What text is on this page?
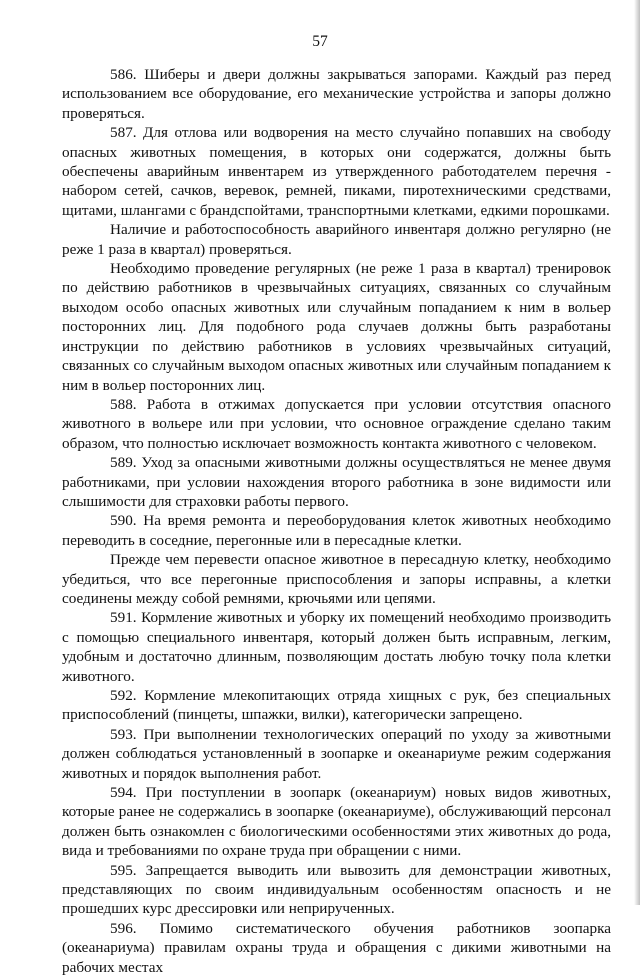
57

586. Шиберы и двери должны закрываться запорами. Каждый раз перед использованием все оборудование, его механические устройства и запоры должно проверяться.

587. Для отлова или водворения на место случайно попавших на свободу опасных животных помещения, в которых они содержатся, должны быть обеспечены аварийным инвентарем из утвержденного работодателем перечня - набором сетей, сачков, веревок, ремней, пиками, пиротехническими средствами, щитами, шлангами с брандспойтами, транспортными клетками, едкими порошками.

Наличие и работоспособность аварийного инвентаря должно регулярно (не реже 1 раза в квартал) проверяться.

Необходимо проведение регулярных (не реже 1 раза в квартал) тренировок по действию работников в чрезвычайных ситуациях, связанных со случайным выходом особо опасных животных или случайным попаданием к ним в вольер посторонних лиц. Для подобного рода случаев должны быть разработаны инструкции по действию работников в условиях чрезвычайных ситуаций, связанных со случайным выходом опасных животных или случайным попаданием к ним в вольер посторонних лиц.

588. Работа в отжимах допускается при условии отсутствия опасного животного в вольере или при условии, что основное ограждение сделано таким образом, что полностью исключает возможность контакта животного с человеком.

589. Уход за опасными животными должны осуществляться не менее двумя работниками, при условии нахождения второго работника в зоне видимости или слышимости для страховки работы первого.

590. На время ремонта и переоборудования клеток животных необходимо переводить в соседние, перегонные или в пересадные клетки.

Прежде чем перевести опасное животное в пересадную клетку, необходимо убедиться, что все перегонные приспособления и запоры исправны, а клетки соединены между собой ремнями, крючьями или цепями.

591. Кормление животных и уборку их помещений необходимо производить с помощью специального инвентаря, который должен быть исправным, легким, удобным и достаточно длинным, позволяющим достать любую точку пола клетки животного.

592. Кормление млекопитающих отряда хищных с рук, без специальных приспособлений (пинцеты, шпажки, вилки), категорически запрещено.

593. При выполнении технологических операций по уходу за животными должен соблюдаться установленный в зоопарке и океанариуме режим содержания животных и порядок выполнения работ.

594. При поступлении в зоопарк (океанариум) новых видов животных, которые ранее не содержались в зоопарке (океанариуме), обслуживающий персонал должен быть ознакомлен с биологическими особенностями этих животных до рода, вида и требованиями по охране труда при обращении с ними.

595. Запрещается выводить или вывозить для демонстрации животных, представляющих по своим индивидуальным особенностям опасность и не прошедших курс дрессировки или неприрученных.

596. Помимо систематического обучения работников зоопарка (океанариума) правилам охраны труда и обращения с дикими животными на рабочих местах
